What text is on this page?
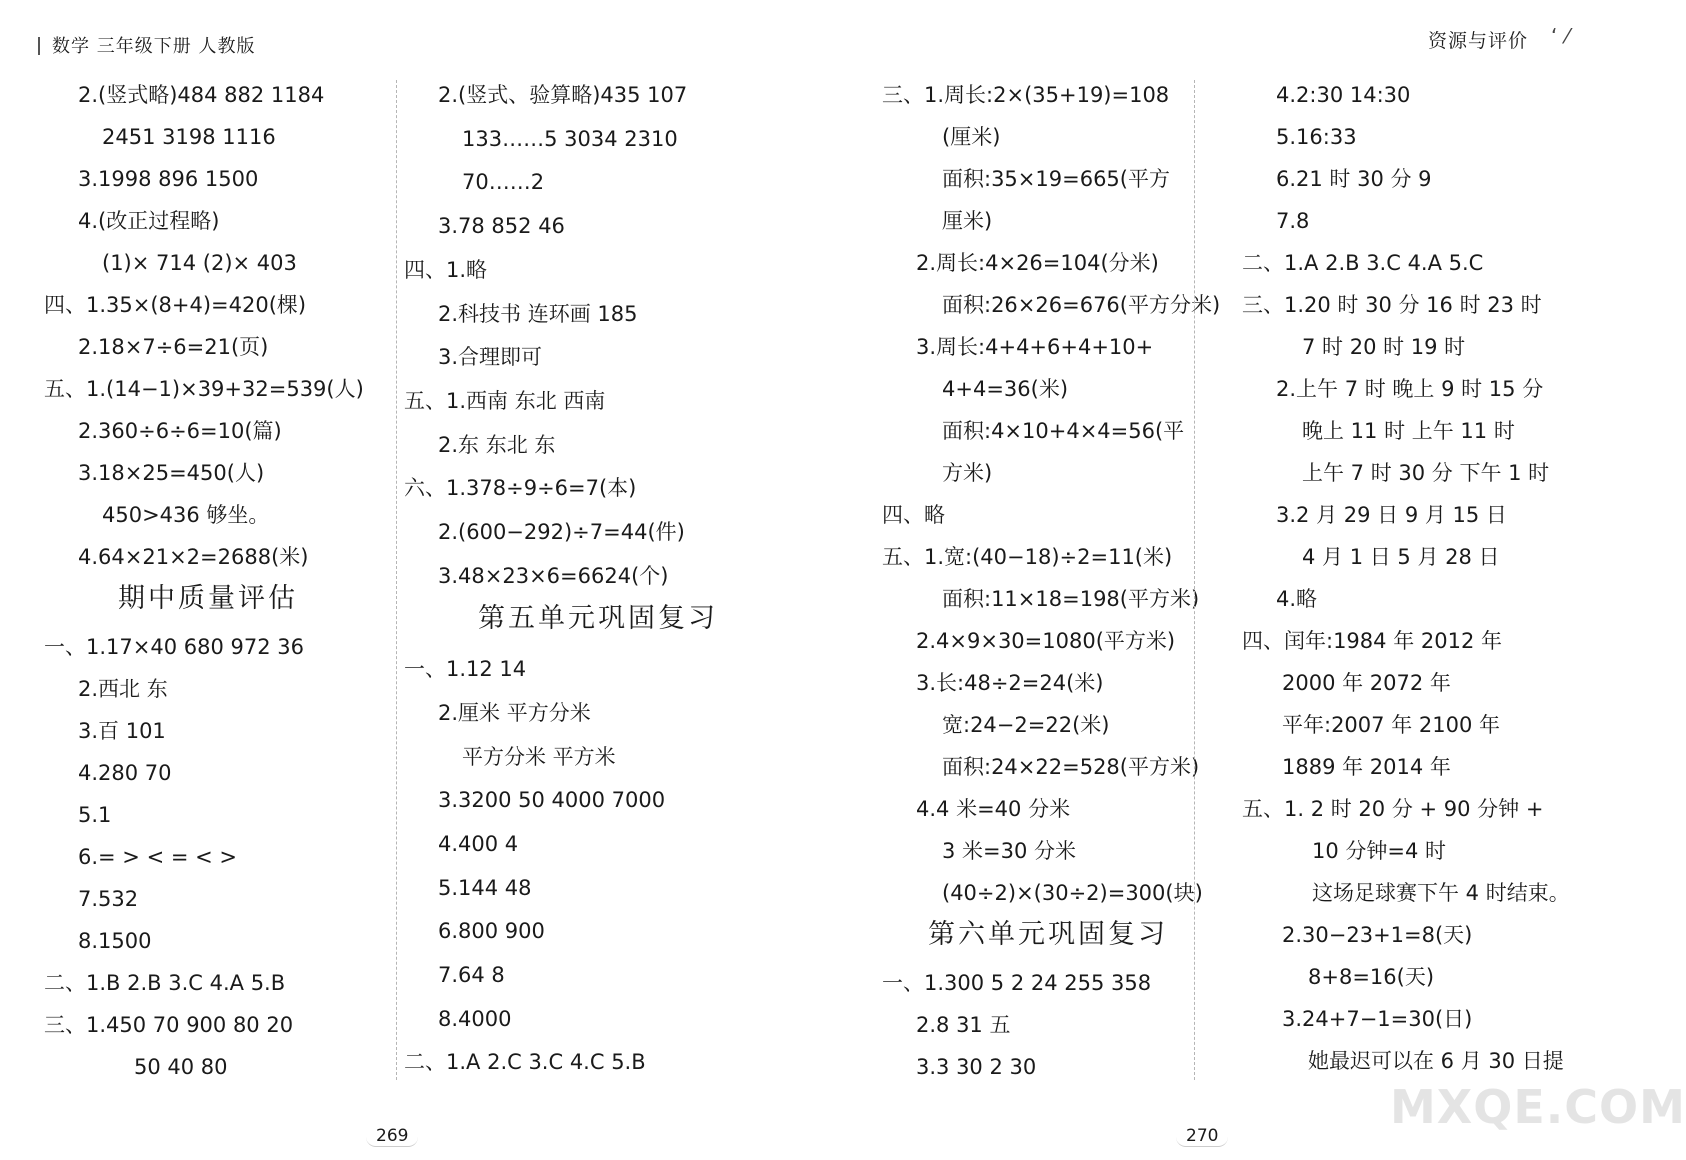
数学 三年级下册 人教版
2.(竖式略)484 882 1184
2451 3198 1116
3.1998 896 1500
4.(改正过程略)
(1)× 714 (2)× 403
四、1.35×(8+4)=420(棵)
2.18×7÷6=21(页)
五、1.(14−1)×39+32=539(人)
2.360÷6÷6=10(篇)
3.18×25=450(人)
450>436 够坐。
4.64×21×2=2688(米)
期中质量评估
一、1.17×40 680 972 36
2.西北 东
3.百 101
4.280 70
5.1
6.= > < = < >
7.532
8.1500
二、1.B 2.B 3.C 4.A 5.B
三、1.450 70 900 80 20
50 40 80
2.(竖式、验算略)435 107
133……5 3034 2310
70……2
3.78 852 46
四、1.略
2.科技书 连环画 185
3.合理即可
五、1.西南 东北 西南
2.东 东北 东
六、1.378÷9÷6=7(本)
2.(600−292)÷7=44(件)
3.48×23×6=6624(个)
第五单元巩固复习
一、1.12 14
2.厘米 平方分米
平方分米 平方米
3.3200 50 4000 7000
4.400 4
5.144 48
6.800 900
7.64 8
8.4000
二、1.A 2.C 3.C 4.C 5.B
269
资源与评价 ‘ ⁄
三、1.周长:2×(35+19)=108
(厘米)
面积:35×19=665(平方
厘米)
2.周长:4×26=104(分米)
面积:26×26=676(平方分米)
3.周长:4+4+6+4+10+
4+4=36(米)
面积:4×10+4×4=56(平
方米)
四、略
五、1.宽:(40−18)÷2=11(米)
面积:11×18=198(平方米)
2.4×9×30=1080(平方米)
3.长:48÷2=24(米)
宽:24−2=22(米)
面积:24×22=528(平方米)
4.4 米=40 分米
3 米=30 分米
(40÷2)×(30÷2)=300(块)
第六单元巩固复习
一、1.300 5 2 24 255 358
2.8 31 五
3.3 30 2 30
4.2:30 14:30
5.16:33
6.21 时 30 分 9
7.8
二、1.A 2.B 3.C 4.A 5.C
三、1.20 时 30 分 16 时 23 时
7 时 20 时 19 时
2.上午 7 时 晚上 9 时 15 分
晚上 11 时 上午 11 时
上午 7 时 30 分 下午 1 时
3.2 月 29 日 9 月 15 日
4 月 1 日 5 月 28 日
4.略
四、闰年:1984 年 2012 年
2000 年 2072 年
平年:2007 年 2100 年
1889 年 2014 年
五、1. 2 时 20 分 + 90 分钟 +
10 分钟=4 时
这场足球赛下午 4 时结束。
2.30−23+1=8(天)
8+8=16(天)
3.24+7−1=30(日)
她最迟可以在 6 月 30 日提
270
MXQE.COM
